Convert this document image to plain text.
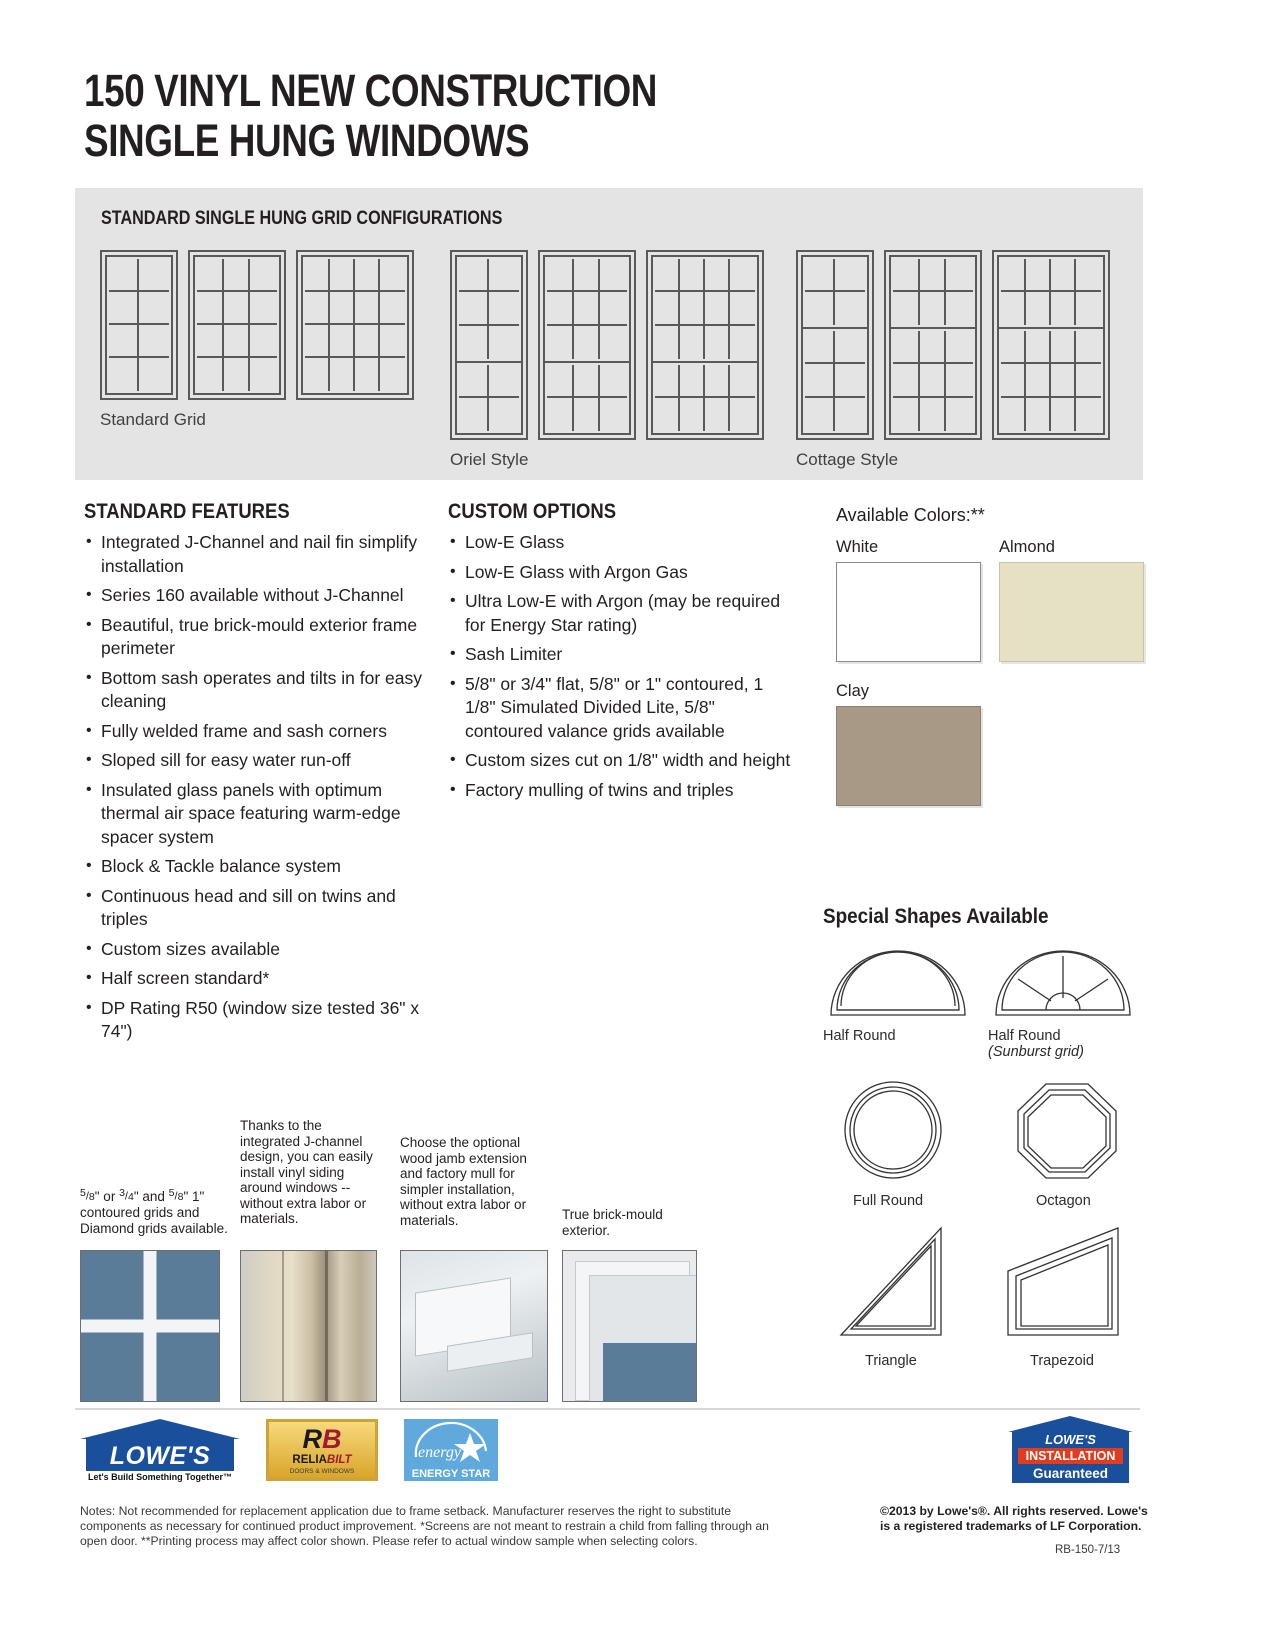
150 VINYL NEW CONSTRUCTION
SINGLE HUNG WINDOWS
STANDARD SINGLE HUNG GRID CONFIGURATIONS
Standard Grid
Oriel Style	Cottage Style
STANDARD FEATURES
• Integrated J-Channel and nail fin simplify installation
• Series 160 available without J-Channel
• Beautiful, true brick-mould exterior frame perimeter
• Bottom sash operates and tilts in for easy cleaning
• Fully welded frame and sash corners
• Sloped sill for easy water run-off
• Insulated glass panels with optimum thermal air space featuring warm-edge spacer system
• Block & Tackle balance system
• Continuous head and sill on twins and triples
• Custom sizes available
• Half screen standard*
• DP Rating R50 (window size tested 36" x 74")
CUSTOM OPTIONS
• Low-E Glass
• Low-E Glass with Argon Gas
• Ultra Low-E with Argon (may be required for Energy Star rating)
• Sash Limiter
• 5/8" or 3/4" flat, 5/8" or 1" contoured, 1 1/8" Simulated Divided Lite, 5/8" contoured valance grids available
• Custom sizes cut on 1/8" width and height
• Factory mulling of twins and triples
Available Colors:**
White	Almond
Clay
Special Shapes Available
Half Round	Half Round
(Sunburst grid)
Full Round	Octagon
Triangle	Trapezoid
$^5/_8$" or $^3/_4$" and $^5/_8$" 1" contoured grids and Diamond grids available.
Thanks to the integrated J-channel design, you can easily install vinyl siding around windows -- without extra labor or materials.
Choose the optional wood jamb extension and factory mull for simpler installation, without extra labor or materials.	True brick-mould exterior.
LOWE'S
Let's Build Something Together™
RB
RELIABILT
DOORS & WINDOWS
energy
ENERGY STAR
LOWE'S
INSTALLATION
Guaranteed
Notes: Not recommended for replacement application due to frame setback. Manufacturer reserves the right to substitute components as necessary for continued product improvement. *Screens are not meant to restrain a child from falling through an open door. **Printing process may affect color shown. Please refer to actual window sample when selecting colors.
©2013 by Lowe's®. All rights reserved. Lowe's is a registered trademarks of LF Corporation.
RB-150-7/13
